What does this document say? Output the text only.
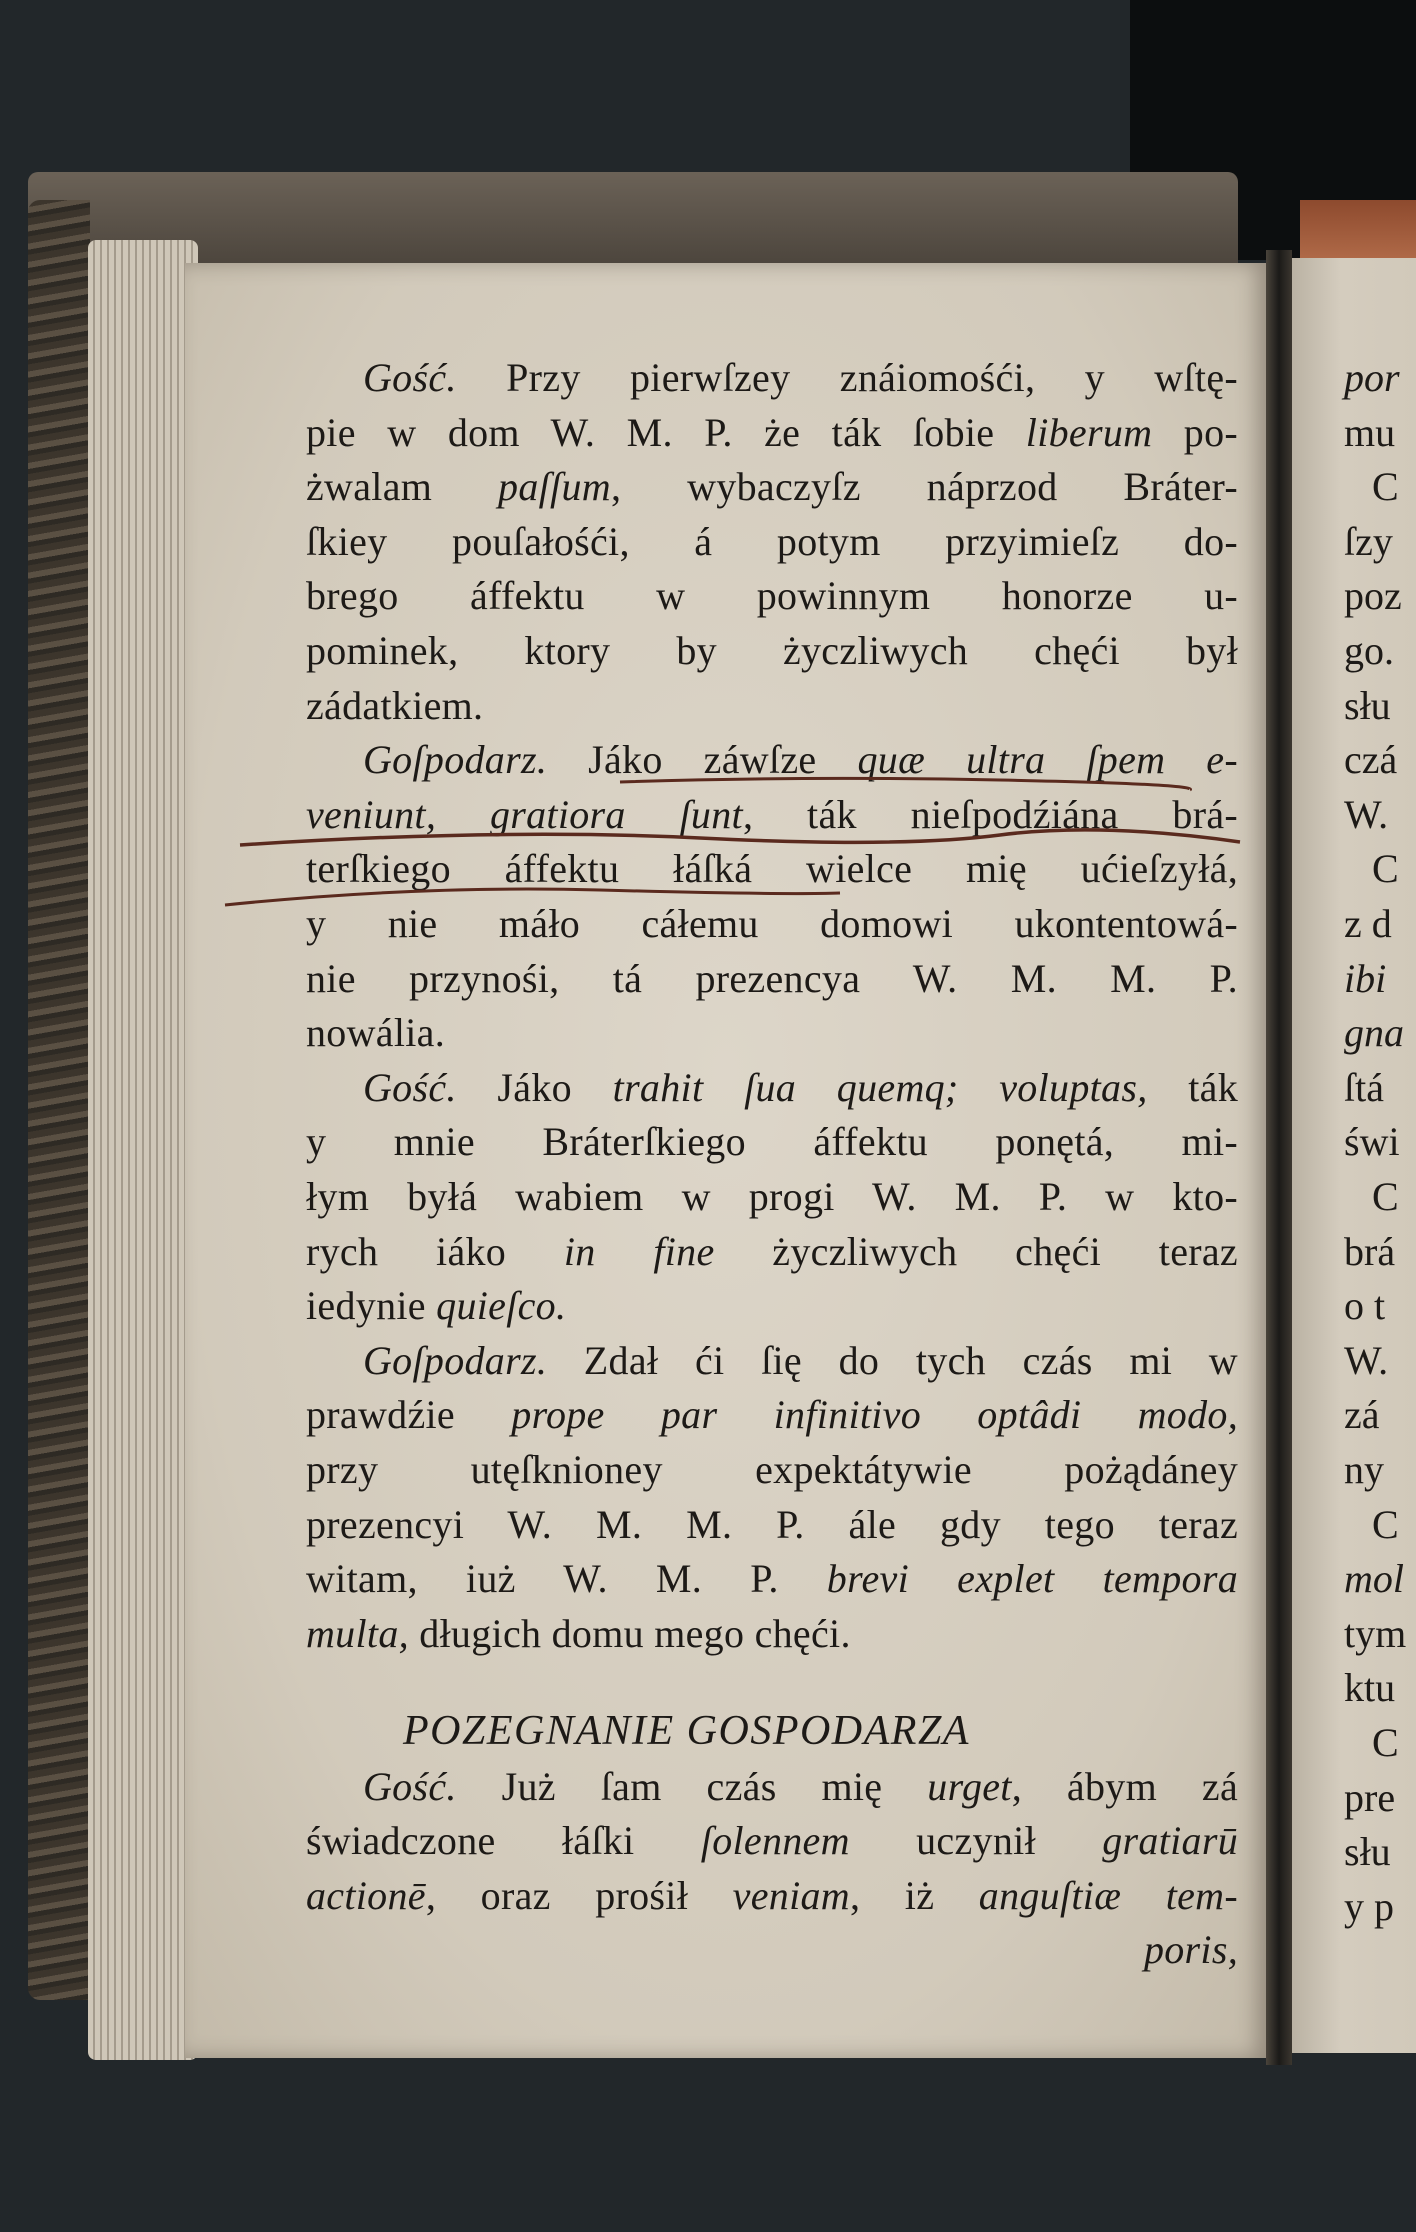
Gość. Przy pierwſzey znáiomośći, y wſtę-
pie w dom W. M. P. że ták ſobie liberum po-
żwalam paſſum, wybaczyſz náprzod Bráter-
ſkiey pouſałośći, á potym przyimieſz do-
brego áffektu w powinnym honorze u-
pominek, ktory by życzliwych chęći był
zádatkiem.
Goſpodarz. Jáko záwſze quæ ultra ſpem e-
veniunt, gratiora ſunt, ták nieſpodźiána brá-
terſkiego áffektu łáſká wielce mię ućieſzyłá,
y nie máło cáłemu domowi ukontentowá-
nie przynośi, tá prezencya W. M. M. P.
nowália.
Gość. Jáko trahit ſua quemq; voluptas, ták
y mnie Bráterſkiego áffektu ponętá, mi-
łym byłá wabiem w progi W. M. P. w kto-
rych iáko in fine życzliwych chęći teraz
iedynie quieſco.
Goſpodarz. Zdał ći ſię do tych czás mi w
prawdźie prope par infinitivo optâdi modo,
przy utęſknioney expektátywie pożądáney
prezencyi W. M. M. P. ále gdy tego teraz
witam, iuż W. M. P. brevi explet tempora
multa, długich domu mego chęći.
POZEGNANIE GOSPODARZA
Gość. Już ſam czás mię urget, ábym zá
świadczone łáſki ſolennem uczynił gratiarū
actionē, oraz prośił veniam, iż anguſtiæ tem-
poris,
por
mu
C
ſzy
poz
go.
słu
czá
W.
C
z d
ibi
gna
ſtá
świ
C
brá
o t
W.
zá
ny
C
mol
tym
ktu
C
pre
słu
y p
